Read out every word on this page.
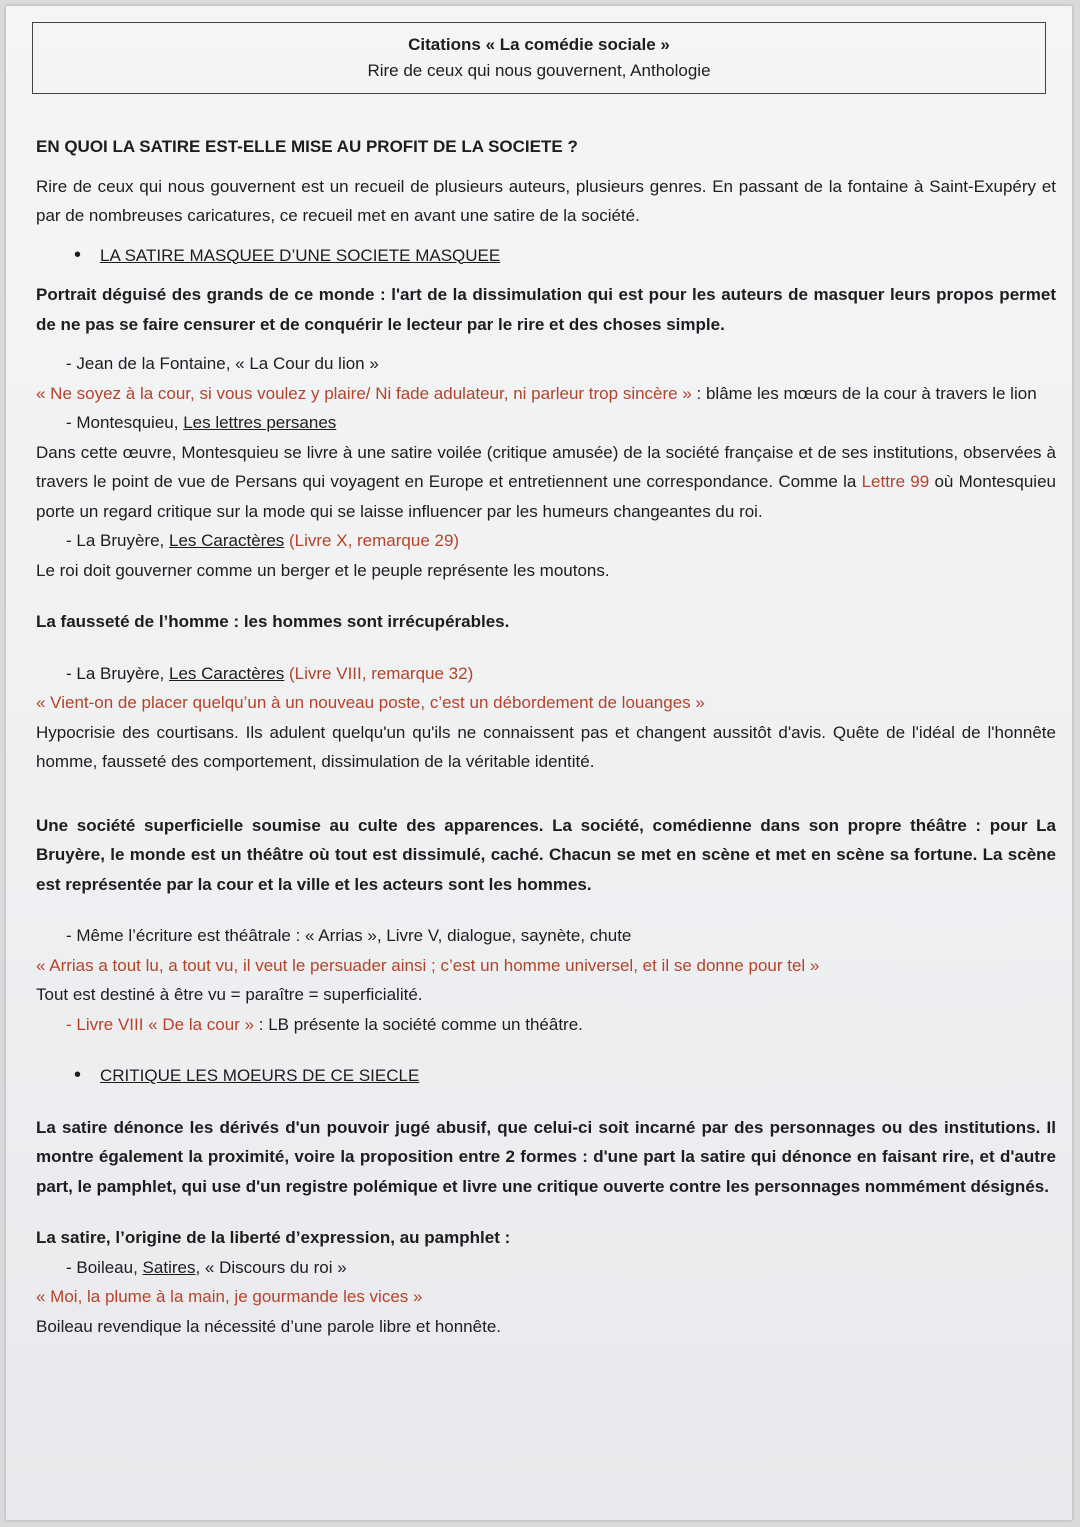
Citations « La comédie sociale »
Rire de ceux qui nous gouvernent, Anthologie

EN QUOI LA SATIRE EST-ELLE MISE AU PROFIT DE LA SOCIETE ?

Rire de ceux qui nous gouvernent est un recueil de plusieurs auteurs, plusieurs genres. En passant de la fontaine à Saint-Exupéry et par de nombreuses caricatures, ce recueil met en avant une satire de la société.

• LA SATIRE MASQUEE D’UNE SOCIETE MASQUEE

Portrait déguisé des grands de ce monde : l'art de la dissimulation qui est pour les auteurs de masquer leurs propos permet de ne pas se faire censurer et de conquérir le lecteur par le rire et des choses simple.

- Jean de la Fontaine, « La Cour du lion »

« Ne soyez à la cour, si vous voulez y plaire/ Ni fade adulateur, ni parleur trop sincère » : blâme les mœurs de la cour à travers le lion

- Montesquieu, Les lettres persanes

Dans cette œuvre, Montesquieu se livre à une satire voilée (critique amusée) de la société française et de ses institutions, observées à travers le point de vue de Persans qui voyagent en Europe et entretiennent une correspondance. Comme la Lettre 99 où Montesquieu porte un regard critique sur la mode qui se laisse influencer par les humeurs changeantes du roi.

- La Bruyère, Les Caractères (Livre X, remarque 29)

Le roi doit gouverner comme un berger et le peuple représente les moutons.

La fausseté de l’homme : les hommes sont irrécupérables.

- La Bruyère, Les Caractères (Livre VIII, remarque 32)

« Vient-on de placer quelqu’un à un nouveau poste, c’est un débordement de louanges »

Hypocrisie des courtisans. Ils adulent quelqu'un qu'ils ne connaissent pas et changent aussitôt d'avis. Quête de l'idéal de l'honnête homme, fausseté des comportement, dissimulation de la véritable identité.

Une société superficielle soumise au culte des apparences. La société, comédienne dans son propre théâtre : pour La Bruyère, le monde est un théâtre où tout est dissimulé, caché. Chacun se met en scène et met en scène sa fortune. La scène est représentée par la cour et la ville et les acteurs sont les hommes.

- Même l’écriture est théâtrale : « Arrias », Livre V, dialogue, saynète, chute

« Arrias a tout lu, a tout vu, il veut le persuader ainsi ; c’est un homme universel, et il se donne pour tel »

Tout est destiné à être vu = paraître = superficialité.

- Livre VIII « De la cour » : LB présente la société comme un théâtre.

• CRITIQUE LES MOEURS DE CE SIECLE

La satire dénonce les dérivés d'un pouvoir jugé abusif, que celui-ci soit incarné par des personnages ou des institutions. Il montre également la proximité, voire la proposition entre 2 formes : d'une part la satire qui dénonce en faisant rire, et d'autre part, le pamphlet, qui use d'un registre polémique et livre une critique ouverte contre les personnages nommément désignés.

La satire, l’origine de la liberté d’expression, au pamphlet :

- Boileau, Satires, « Discours du roi »

« Moi, la plume à la main, je gourmande les vices »

Boileau revendique la nécessité d’une parole libre et honnête.
